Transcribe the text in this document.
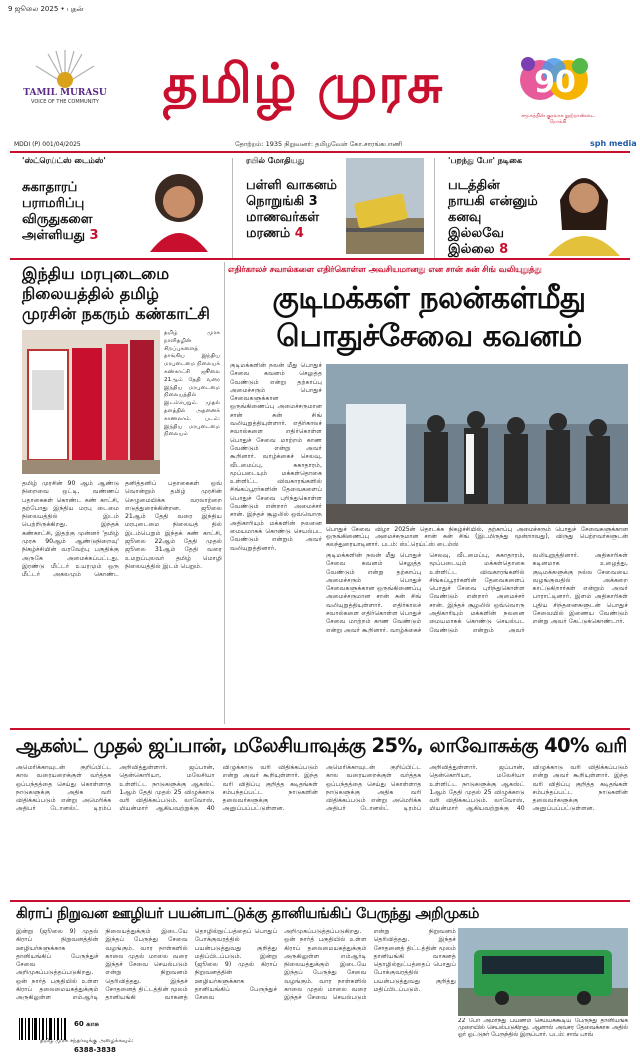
9 ஜூலை 2025 • புதன்
TAMIL MURASU
VOICE OF THE COMMUNITY	தமிழ் முரசு	90
சமூகத்தின் குரலாக நூற்றாண்டை நோக்கி
MDDI (P) 001/04/2025	தோற்றம்: 1935 நிறுவனர்: தமிழவேள் கோ.சாரங்கபாணி	sph media
'ஸ்ட்ரெய்ட்ஸ் டைம்ஸ்'
சுகாதாரப் பராமரிப்பு விருதுகளை அள்ளியது 3
ரயில் மோதியது
பள்ளி வாகனம் நொறுங்கி 3 மாணவர்கள் மரணம் 4
'பறந்து போ' நடிகை
படத்தின் நாயகி என்னும் கனவு இல்லவே இல்லை 8
இந்திய மரபுடைமை நிலையத்தில் தமிழ் முரசின் நகரும் கண்காட்சி
தமிழ் முரசு நாளிதழின் சிறப்புகளைத் தாங்கிய இந்திய மரபுடைமை நிலையக் கண்காட்சி ஜூலை 21ஆம் தேதி வரை இந்திய மரபுடைமை நிலையத்தில் இடம்பெறும். முதல் தளத்தில் அதனைக் காணலாம். படம்: இந்திய மரபுடைமை நிலையம்
தமிழ் முரசின் 90 ஆம் ஆண்டு நிறைவை ஒட்டி, வண்ணப் பதாகைகள் கொண்ட கண் காட்சி, தற்போது இந்திய மரபு டைமை நிலையத்தில் இடம் பெற்றிருக்கிறது. இந்தக் கண்காட்சி, இதற்கு முன்னர் 'தமிழ் முரசு 90ஆம் ஆண்டுநிறைவு' நிகழ்ச்சியின் வரவேற்பு பகுதிக்கு அருகே அமைக்கப்பட்டது. இரண்டு மீட்டர் உயரமும் ஒரு மீட்டர் அகலமும் கொண்ட தனித்தனிப் பதாகைகள் ஒவ் வொன்றும் தமிழ் முரசின் செழுமையிக்க வரலாற்றை எடுத்துரைக்கின்றன. ஜூலை 21ஆம் தேதி வரை இந்திய மரபுடைமை நிலையத் தில் இடம்பெறும் இந்தக் கண் காட்சி, ஜூலை 22ஆம் தேதி முதல் ஜூலை 31ஆம் தேதி வரை உமறுப்புலவர் தமிழ் மொழி நிலையத்தில் இடம் பெறும்.
எதிர்காலச் சவால்களை எதிர்கொள்ள அவசியமானது என சான் சுன் சிங் வலியுறுத்து
குடிமக்கள் நலன்கள்மீது
பொதுச்சேவை கவனம்
குடிமக்களின் நலன் மீது பொதுச் சேவை கவனம் செலுத்த வேண்டும் என்று தற்காப்பு அமைச்சரும் பொதுச் சேவைகளுக்கான ஒருங்கிணைப்பு அமைச்சருமான சான் சுன் சிங் வலியுறுத்தியுள்ளார். எதிர்காலச் சவால்களை எதிர்கொள்ள பொதுச் சேவை மாற்றம் காண வேண்டும் என்று அவர் கூறினார். வாழ்க்கைச் செலவு, வீடமைப்பு, சுகாதாரம், மூப்படையும் மக்கள்தொகை உள்ளிட்ட விவகாரங்களில் சிங்கப்பூரர்களின் தேவைகளைப் பொதுச் சேவை புரிந்துகொள்ள வேண்டும் என்றார் அமைச்சர் சான். இந்தச் சூழலில் ஒவ்வொரு அதிகாரியும் மக்களின் நலனை மையமாகக் கொண்டு செயல்பட வேண்டும் என்றும் அவர் வலியுறுத்தினார்.
பொதுச் சேவை விழா 2025ன் தொடக்க நிகழ்ச்சியில், தற்காப்பு அமைச்சரும் பொதுச் சேவைகளுக்கான ஒருங்கிணைப்பு அமைச்சருமான சான் சுன் சிங் (இடமிருந்து மூன்றாவது), விருது பெற்றவர்களுடன் கலந்துரையாடினார். படம்: ஸ்ட்ரெய்ட்ஸ் டைம்ஸ்
குடிமக்களின் நலன் மீது பொதுச் சேவை கவனம் செலுத்த வேண்டும் என்று தற்காப்பு அமைச்சரும் பொதுச் சேவைகளுக்கான ஒருங்கிணைப்பு அமைச்சருமான சான் சுன் சிங் வலியுறுத்தியுள்ளார். எதிர்காலச் சவால்களை எதிர்கொள்ள பொதுச் சேவை மாற்றம் காண வேண்டும் என்று அவர் கூறினார். வாழ்க்கைச் செலவு, வீடமைப்பு, சுகாதாரம், மூப்படையும் மக்கள்தொகை உள்ளிட்ட விவகாரங்களில் சிங்கப்பூரர்களின் தேவைகளைப் பொதுச் சேவை புரிந்துகொள்ள வேண்டும் என்றார் அமைச்சர் சான். இந்தச் சூழலில் ஒவ்வொரு அதிகாரியும் மக்களின் நலனை மையமாகக் கொண்டு செயல்பட வேண்டும் என்றும் அவர் வலியுறுத்தினார்.	அதிகாரிகள் கடினமாக உழைத்து, குடிமக்களுக்கு நல்ல சேவையை வழங்குவதில் அக்கறை காட்டுகிறார்கள் என்றும் அவர் பாராட்டினார். இளம் அதிகாரிகள் புதிய சிந்தனைகளுடன் பொதுச் சேவையில் இணைய வேண்டும் என்று அவர் கேட்டுக்கொண்டார்.
ஆகஸ்ட் முதல் ஜப்பான், மலேசியாவுக்கு 25%, லாவோசுக்கு 40% வரி
அமெரிக்காவுடன் குறிப்பிட்ட கால வரையறைக்குள் வர்த்தக ஒப்பந்தத்தை செய்து கொள்ளாத நாடுகளுக்கு அதிக வரி விதிக்கப்படும் என்று அமெரிக்க அதிபர் டோனல்ட் டிரம்ப் அறிவித்துள்ளார். ஜப்பான், தென்கொரியா, மலேசியா உள்ளிட்ட நாடுகளுக்கு ஆகஸ்ட் 1ஆம் தேதி முதல் 25 விழுக்காடு வரி விதிக்கப்படும். லாவோஸ், மியன்மார் ஆகியவற்றுக்கு 40 விழுக்காடு வரி விதிக்கப்படும் என்று அவர் கூறியுள்ளார். இந்த வரி விதிப்பு குறித்த கடிதங்கள் சம்பந்தப்பட்ட நாடுகளின் தலைவர்களுக்கு அனுப்பப்பட்டுள்ளன. அமெரிக்காவுடன் குறிப்பிட்ட கால வரையறைக்குள் வர்த்தக ஒப்பந்தத்தை செய்து கொள்ளாத நாடுகளுக்கு அதிக வரி விதிக்கப்படும் என்று அமெரிக்க அதிபர் டோனல்ட் டிரம்ப் அறிவித்துள்ளார். ஜப்பான், தென்கொரியா, மலேசியா உள்ளிட்ட நாடுகளுக்கு ஆகஸ்ட் 1ஆம் தேதி முதல் 25 விழுக்காடு வரி விதிக்கப்படும். லாவோஸ், மியன்மார் ஆகியவற்றுக்கு 40 விழுக்காடு வரி விதிக்கப்படும் என்று அவர் கூறியுள்ளார். இந்த வரி விதிப்பு குறித்த கடிதங்கள் சம்பந்தப்பட்ட நாடுகளின் தலைவர்களுக்கு அனுப்பப்பட்டுள்ளன.
கிராப் நிறுவன ஊழியர் பயன்பாட்டுக்கு தானியங்கிப் பேருந்து அறிமுகம்
இன்று (ஜூலை 9) முதல் கிராப் நிறுவனத்தின் ஊழியர்களுக்காக தானியங்கிப் பேருந்துச் சேவை அறிமுகப்படுத்தப்படுகிறது. ஒன் நார்த் பகுதியில் உள்ள கிராப் தலைமையகத்துக்கும் அருகிலுள்ள எம்ஆர்டி நிலையத்துக்கும் இடையே இந்தப் பேருந்து சேவை வழங்கும். வார நாள்களில் காலை முதல் மாலை வரை இந்தச் சேவை செயல்படும் என்று நிறுவனம் தெரிவித்தது. இந்தச் சோதனைத் திட்டத்தின் மூலம் தானியங்கி வாகனத் தொழில்நுட்பத்தைப் பொதுப் போக்குவரத்தில் பயன்படுத்துவது குறித்து மதிப்பிடப்படும்.	இன்று (ஜூலை 9) முதல் கிராப் நிறுவனத்தின் ஊழியர்களுக்காக தானியங்கிப் பேருந்துச் சேவை அறிமுகப்படுத்தப்படுகிறது. ஒன் நார்த் பகுதியில் உள்ள கிராப் தலைமையகத்துக்கும் அருகிலுள்ள எம்ஆர்டி நிலையத்துக்கும் இடையே இந்தப் பேருந்து சேவை வழங்கும். வார நாள்களில் காலை முதல் மாலை வரை இந்தச் சேவை செயல்படும் என்று நிறுவனம் தெரிவித்தது. இந்தச் சோதனைத் திட்டத்தின் மூலம் தானியங்கி வாகனத் தொழில்நுட்பத்தைப் பொதுப் போக்குவரத்தில் பயன்படுத்துவது குறித்து மதிப்பிடப்படும்.
22 பேர் அமர்ந்து பயணம் செய்யக்கூடிய பேருந்து தானியங்க முறையில் செயல்படுகிறது. ஆனால் அவசர தேவைக்காக அதில் ஓர் ஓட்டுநர் பேருந்தில் இருப்பார். படம்: சாவ் பாவ்
60 காசு
தமிழ் முரசு சந்தாவுக்கு அழைக்கவும்:
6388-3838
